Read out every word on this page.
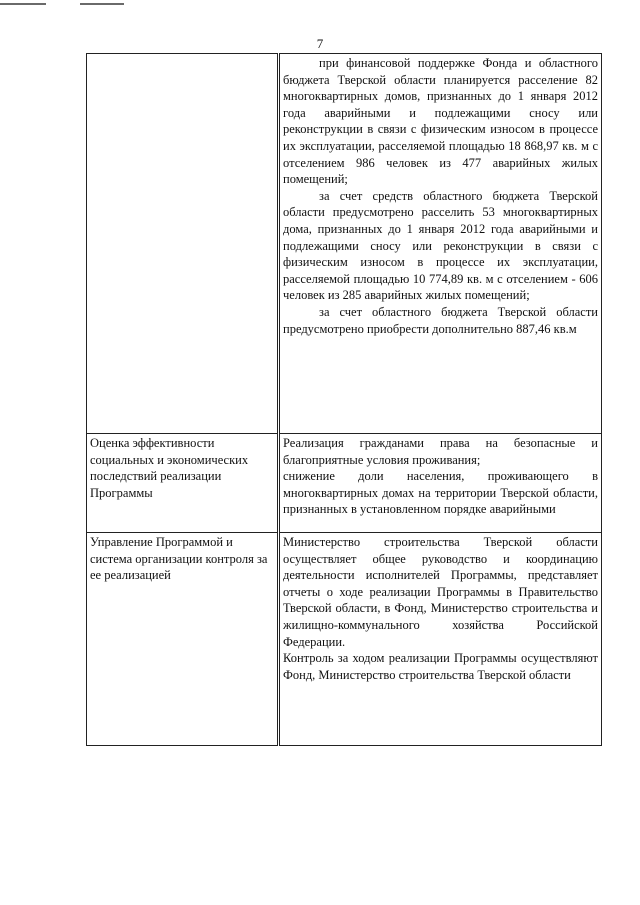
7

	при финансовой поддержке Фонда и областного бюджета Тверской области планируется расселение 82 многоквартирных домов, признанных до 1 января 2012 года аварийными и подлежащими сносу или реконструкции в связи с физическим износом в процессе их эксплуатации, расселяемой площадью 18 868,97 кв. м с отселением 986 человек из 477 аварийных жилых помещений;

за счет средств областного бюджета Тверской области предусмотрено расселить 53 многоквартирных дома, признанных до 1 января 2012 года аварийными и подлежащими сносу или реконструкции в связи с физическим износом в процессе их эксплуатации, расселяемой площадью 10 774,89 кв. м с отселением - 606 человек из 285 аварийных жилых помещений;

за счет областного бюджета Тверской области предусмотрено приобрести дополнительно 887,46 кв.м

Оценка эффективности социальных и экономических последствий реализации Программы	Реализация гражданами права на безопасные и благоприятные условия проживания;

снижение доли населения, проживающего в многоквартирных домах на территории Тверской области, признанных в установленном порядке аварийными

Управление Программой и система организации контроля за ее реализацией	Министерство строительства Тверской области осуществляет общее руководство и координацию деятельности исполнителей Программы, представляет отчеты о ходе реализации Программы в Правительство Тверской области, в Фонд, Министерство строительства и жилищно-коммунального хозяйства Российской Федерации.

Контроль за ходом реализации Программы осуществляют Фонд, Министерство строительства Тверской области
